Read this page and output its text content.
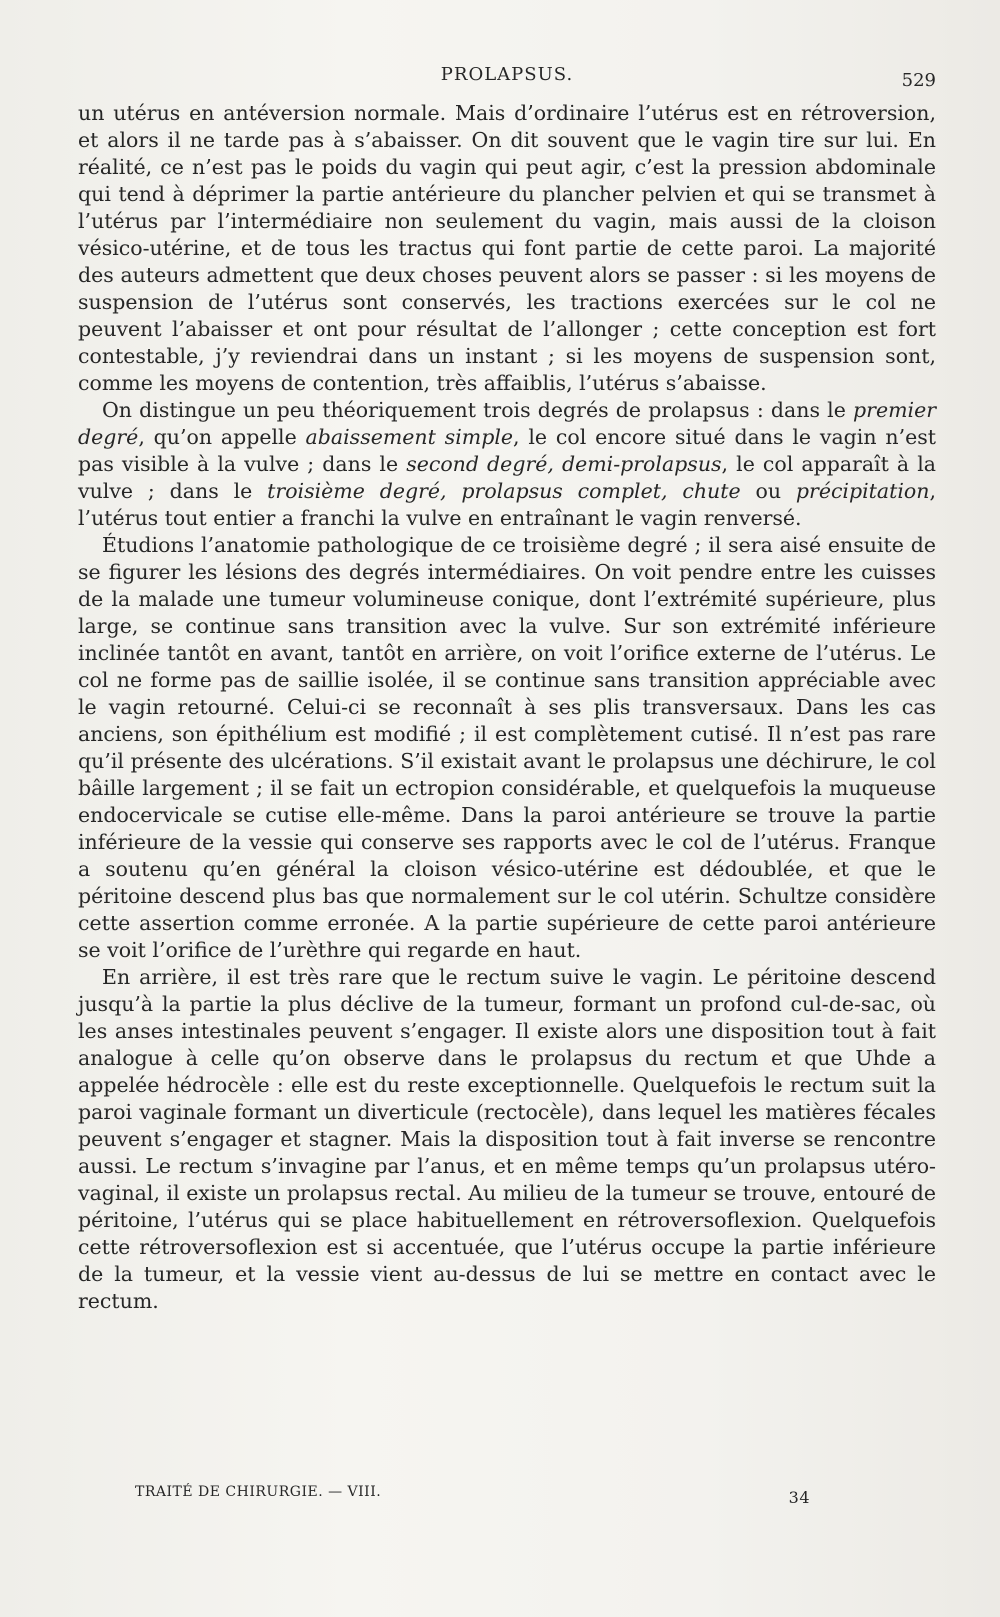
PROLAPSUS.	529

un utérus en antéversion normale. Mais d’ordinaire l’utérus est en rétroversion, et alors il ne tarde pas à s’abaisser. On dit souvent que le vagin tire sur lui. En réalité, ce n’est pas le poids du vagin qui peut agir, c’est la pression abdominale qui tend à déprimer la partie antérieure du plancher pelvien et qui se transmet à l’utérus par l’intermédiaire non seulement du vagin, mais aussi de la cloison vésico-utérine, et de tous les tractus qui font partie de cette paroi. La majorité des auteurs admettent que deux choses peuvent alors se passer : si les moyens de suspension de l’utérus sont conservés, les tractions exercées sur le col ne peuvent l’abaisser et ont pour résultat de l’allonger ; cette conception est fort contestable, j’y reviendrai dans un instant ; si les moyens de suspension sont, comme les moyens de contention, très affaiblis, l’utérus s’abaisse.

On distingue un peu théoriquement trois degrés de prolapsus : dans le premier degré, qu’on appelle abaissement simple, le col encore situé dans le vagin n’est pas visible à la vulve ; dans le second degré, demi-prolapsus, le col apparaît à la vulve ; dans le troisième degré, prolapsus complet, chute ou précipitation, l’utérus tout entier a franchi la vulve en entraînant le vagin renversé.

Étudions l’anatomie pathologique de ce troisième degré ; il sera aisé ensuite de se figurer les lésions des degrés intermédiaires. On voit pendre entre les cuisses de la malade une tumeur volumineuse conique, dont l’extrémité supérieure, plus large, se continue sans transition avec la vulve. Sur son extrémité inférieure inclinée tantôt en avant, tantôt en arrière, on voit l’orifice externe de l’utérus. Le col ne forme pas de saillie isolée, il se continue sans transition appréciable avec le vagin retourné. Celui-ci se reconnaît à ses plis transversaux. Dans les cas anciens, son épithélium est modifié ; il est complètement cutisé. Il n’est pas rare qu’il présente des ulcérations. S’il existait avant le prolapsus une déchirure, le col bâille largement ; il se fait un ectropion considérable, et quelquefois la muqueuse endocervicale se cutise elle-même. Dans la paroi antérieure se trouve la partie inférieure de la vessie qui conserve ses rapports avec le col de l’utérus. Franque a soutenu qu’en général la cloison vésico-utérine est dédoublée, et que le péritoine descend plus bas que normalement sur le col utérin. Schultze considère cette assertion comme erronée. A la partie supérieure de cette paroi antérieure se voit l’orifice de l’urèthre qui regarde en haut.

En arrière, il est très rare que le rectum suive le vagin. Le péritoine descend jusqu’à la partie la plus déclive de la tumeur, formant un profond cul-de-sac, où les anses intestinales peuvent s’engager. Il existe alors une disposition tout à fait analogue à celle qu’on observe dans le prolapsus du rectum et que Uhde a appelée hédrocèle : elle est du reste exceptionnelle. Quelquefois le rectum suit la paroi vaginale formant un diverticule (rectocèle), dans lequel les matières fécales peuvent s’engager et stagner. Mais la disposition tout à fait inverse se rencontre aussi. Le rectum s’invagine par l’anus, et en même temps qu’un prolapsus utéro-vaginal, il existe un prolapsus rectal. Au milieu de la tumeur se trouve, entouré de péritoine, l’utérus qui se place habituellement en rétroversoflexion. Quelquefois cette rétroversoflexion est si accentuée, que l’utérus occupe la partie inférieure de la tumeur, et la vessie vient au-dessus de lui se mettre en contact avec le rectum.

TRAITÉ DE CHIRURGIE. — VIII.	34
